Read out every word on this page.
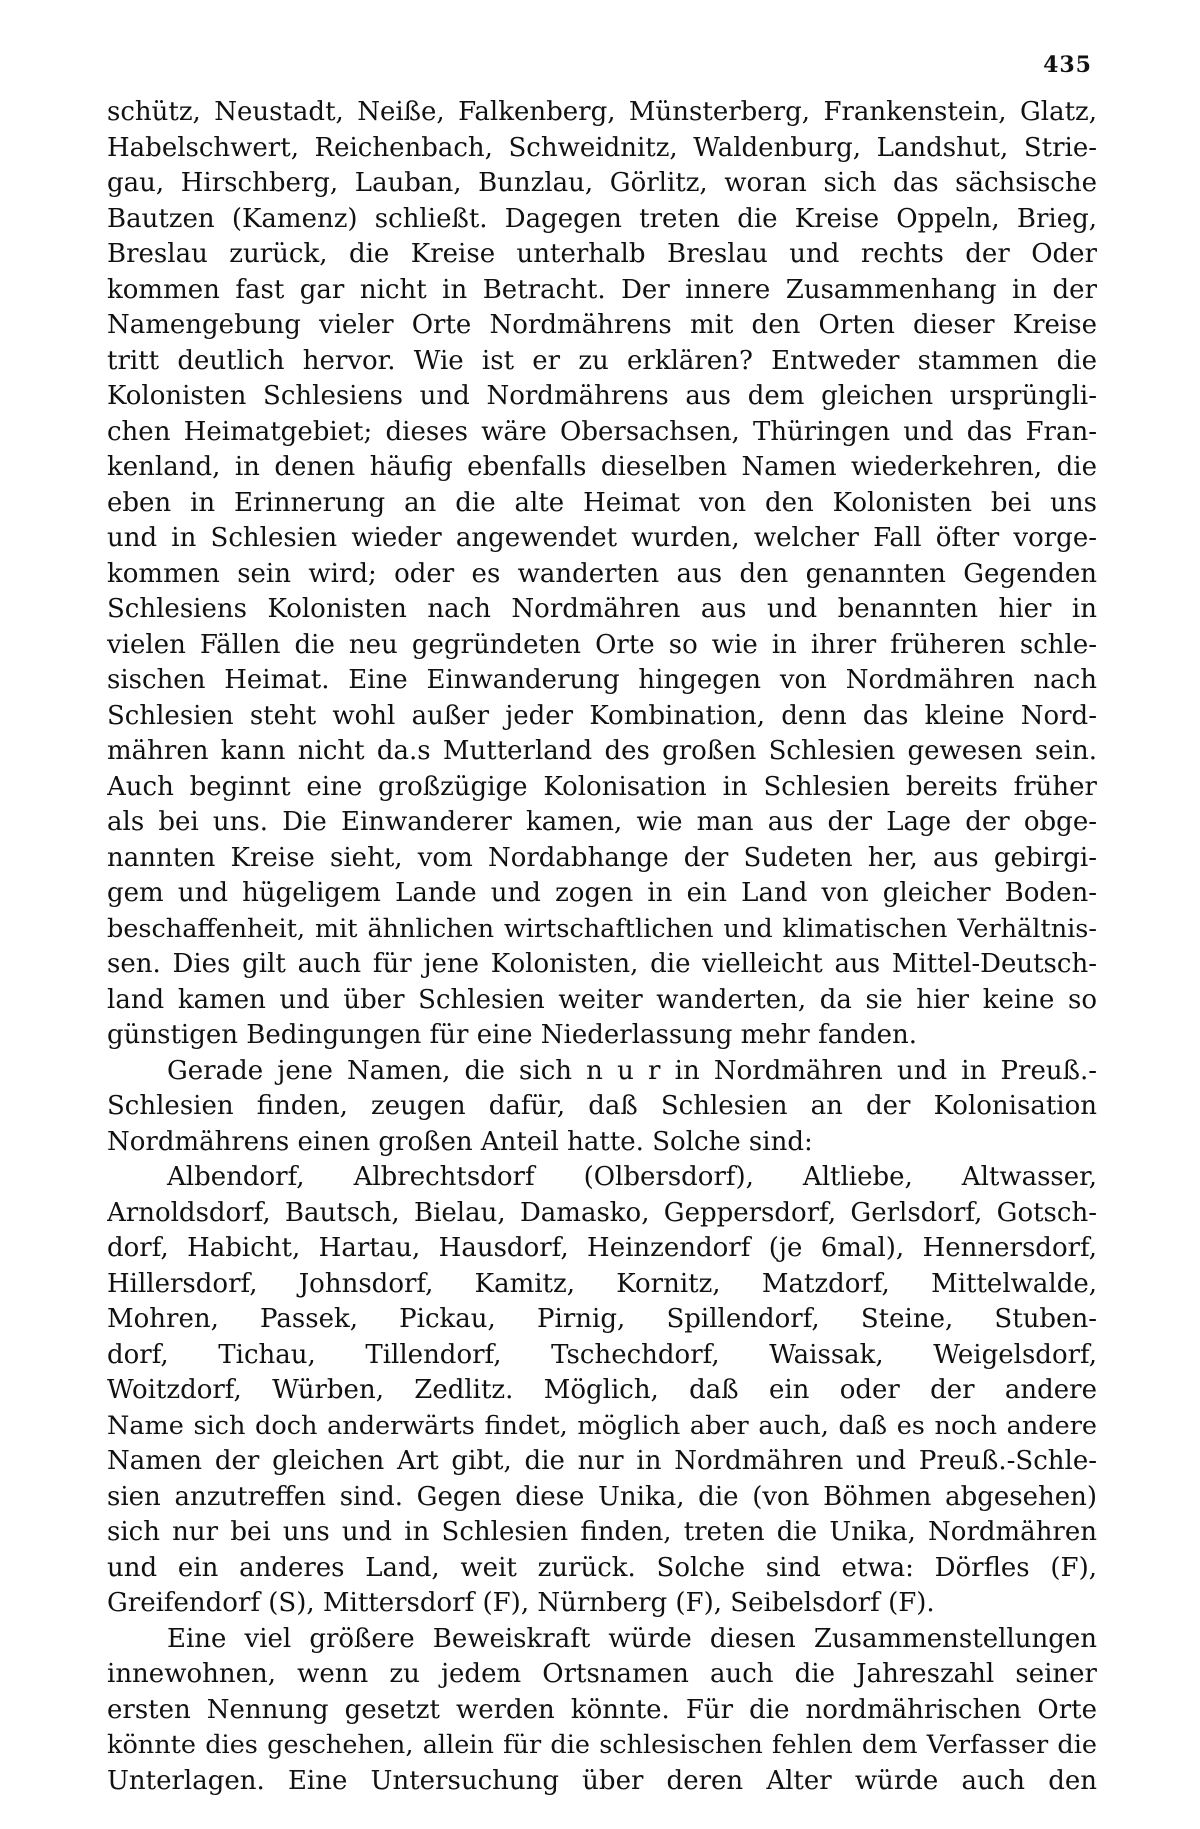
435
schütz, Neustadt, Neiße, Falkenberg, Münsterberg, Frankenstein, Glatz,
Habelschwert, Reichenbach, Schweidnitz, Waldenburg, Landshut, Strie-
gau, Hirschberg, Lauban, Bunzlau, Görlitz, woran sich das sächsische
Bautzen (Kamenz) schließt. Dagegen treten die Kreise Oppeln, Brieg,
Breslau zurück, die Kreise unterhalb Breslau und rechts der Oder
kommen fast gar nicht in Betracht. Der innere Zusammenhang in der
Namengebung vieler Orte Nordmährens mit den Orten dieser Kreise
tritt deutlich hervor. Wie ist er zu erklären? Entweder stammen die
Kolonisten Schlesiens und Nordmährens aus dem gleichen ursprüngli-
chen Heimatgebiet; dieses wäre Obersachsen, Thüringen und das Fran-
kenland, in denen häufig ebenfalls dieselben Namen wiederkehren, die
eben in Erinnerung an die alte Heimat von den Kolonisten bei uns
und in Schlesien wieder angewendet wurden, welcher Fall öfter vorge-
kommen sein wird; oder es wanderten aus den genannten Gegenden
Schlesiens Kolonisten nach Nordmähren aus und benannten hier in
vielen Fällen die neu gegründeten Orte so wie in ihrer früheren schle-
sischen Heimat. Eine Einwanderung hingegen von Nordmähren nach
Schlesien steht wohl außer jeder Kombination, denn das kleine Nord-
mähren kann nicht da.s Mutterland des großen Schlesien gewesen sein.
Auch beginnt eine großzügige Kolonisation in Schlesien bereits früher
als bei uns. Die Einwanderer kamen, wie man aus der Lage der obge-
nannten Kreise sieht, vom Nordabhange der Sudeten her, aus gebirgi-
gem und hügeligem Lande und zogen in ein Land von gleicher Boden-
beschaffenheit, mit ähnlichen wirtschaftlichen und klimatischen Verhältnis-
sen. Dies gilt auch für jene Kolonisten, die vielleicht aus Mittel-Deutsch-
land kamen und über Schlesien weiter wanderten, da sie hier keine so
günstigen Bedingungen für eine Niederlassung mehr fanden.
Gerade jene Namen, die sich n u r in Nordmähren und in Preuß.-
Schlesien finden, zeugen dafür, daß Schlesien an der Kolonisation
Nordmährens einen großen Anteil hatte. Solche sind:
Albendorf, Albrechtsdorf (Olbersdorf), Altliebe, Altwasser,
Arnoldsdorf, Bautsch, Bielau, Damasko, Geppersdorf, Gerlsdorf, Gotsch-
dorf, Habicht, Hartau, Hausdorf, Heinzendorf (je 6mal), Hennersdorf,
Hillersdorf, Johnsdorf, Kamitz, Kornitz, Matzdorf, Mittelwalde,
Mohren, Passek, Pickau, Pirnig, Spillendorf, Steine, Stuben-
dorf, Tichau, Tillendorf, Tschechdorf, Waissak, Weigelsdorf,
Woitzdorf, Würben, Zedlitz. Möglich, daß ein oder der andere
Name sich doch anderwärts findet, möglich aber auch, daß es noch andere
Namen der gleichen Art gibt, die nur in Nordmähren und Preuß.-Schle-
sien anzutreffen sind. Gegen diese Unika, die (von Böhmen abgesehen)
sich nur bei uns und in Schlesien finden, treten die Unika, Nordmähren
und ein anderes Land, weit zurück. Solche sind etwa: Dörfles (F),
Greifendorf (S), Mittersdorf (F), Nürnberg (F), Seibelsdorf (F).
Eine viel größere Beweiskraft würde diesen Zusammenstellungen
innewohnen, wenn zu jedem Ortsnamen auch die Jahreszahl seiner
ersten Nennung gesetzt werden könnte. Für die nordmährischen Orte
könnte dies geschehen, allein für die schlesischen fehlen dem Verfasser die
Unterlagen. Eine Untersuchung über deren Alter würde auch den
